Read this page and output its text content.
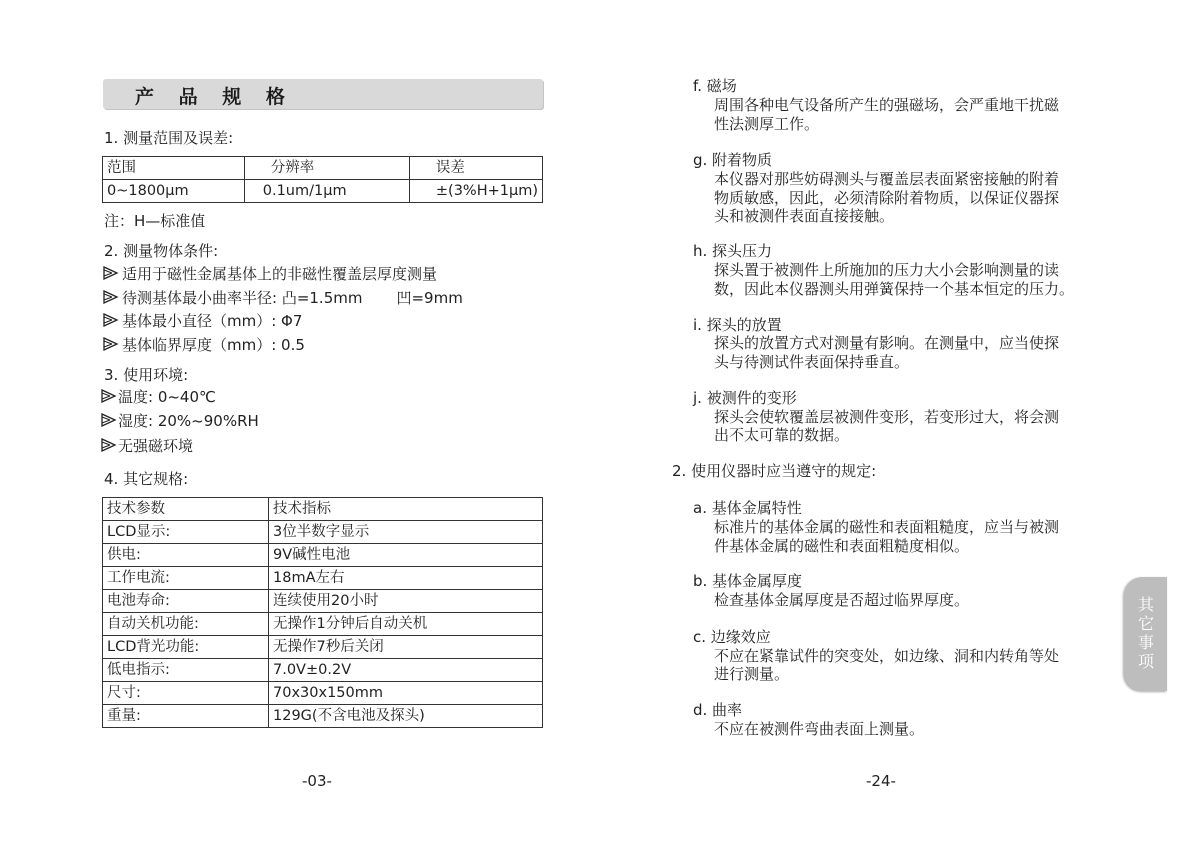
产 品 规 格
1. 测量范围及误差:
范围	分辨率	误差
0~1800μm	0.1um/1μm	±(3%H+1μm)
注：H—标准值
2. 测量物体条件:
适用于磁性金属基体上的非磁性覆盖层厚度测量
待测基体最小曲率半径: 凸=1.5mm 凹=9mm
基体最小直径（mm）: Φ7
基体临界厚度（mm）: 0.5
3. 使用环境:
温度: 0~40℃
湿度: 20%~90%RH
无强磁环境
4. 其它规格:
技术参数	技术指标
LCD显示:	3位半数字显示
供电:	9V碱性电池
工作电流:	18mA左右
电池寿命:	连续使用20小时
自动关机功能:	无操作1分钟后自动关机
LCD背光功能:	无操作7秒后关闭
低电指示:	7.0V±0.2V
尺寸:	70x30x150mm
重量:	129G(不含电池及探头)
-03-
f. 磁场
周围各种电气设备所产生的强磁场，会严重地干扰磁
性法测厚工作。
g. 附着物质
本仪器对那些妨碍测头与覆盖层表面紧密接触的附着
物质敏感，因此，必须清除附着物质，以保证仪器探
头和被测件表面直接接触。
h. 探头压力
探头置于被测件上所施加的压力大小会影响测量的读
数，因此本仪器测头用弹簧保持一个基本恒定的压力。
i. 探头的放置
探头的放置方式对测量有影响。在测量中，应当使探
头与待测试件表面保持垂直。
j. 被测件的变形
探头会使软覆盖层被测件变形，若变形过大，将会测
出不太可靠的数据。
2. 使用仪器时应当遵守的规定:
a. 基体金属特性
标准片的基体金属的磁性和表面粗糙度，应当与被测
件基体金属的磁性和表面粗糙度相似。
b. 基体金属厚度
检查基体金属厚度是否超过临界厚度。
c. 边缘效应
不应在紧靠试件的突变处，如边缘、洞和内转角等处
进行测量。
d. 曲率
不应在被测件弯曲表面上测量。
-24-
其它事项
